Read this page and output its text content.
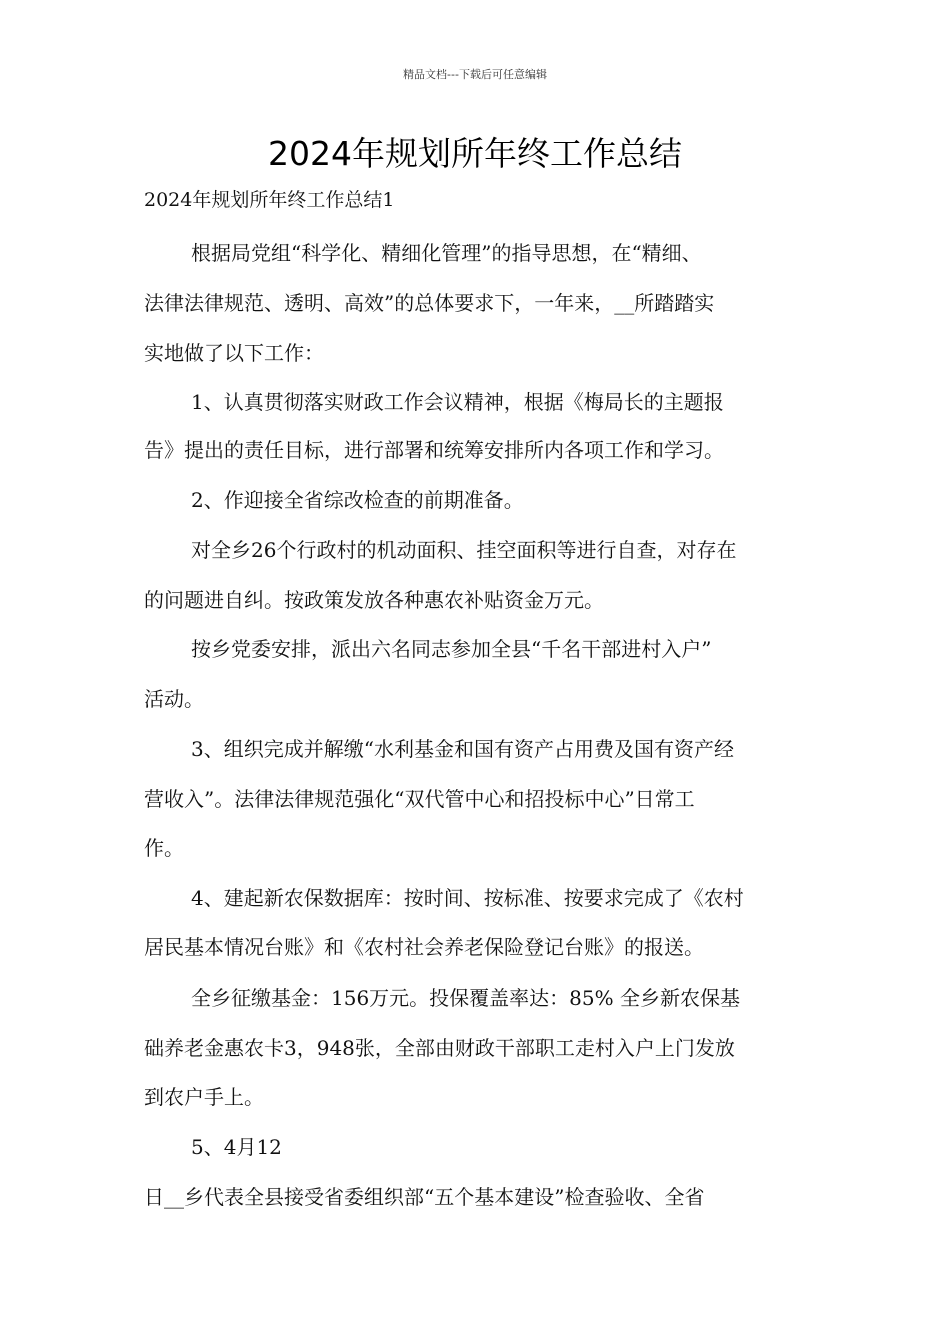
精品文档---下载后可任意编辑
2024年规划所年终工作总结
2024年规划所年终工作总结1
根据局党组“科学化、精细化管理”的指导思想，在“精细、
法律法律规范、透明、高效”的总体要求下，一年来，__所踏踏实
实地做了以下工作：
1、认真贯彻落实财政工作会议精神，根据《梅局长的主题报
告》提出的责任目标，进行部署和统筹安排所内各项工作和学习。
2、作迎接全省综改检查的前期准备。
对全乡26个行政村的机动面积、挂空面积等进行自查，对存在
的问题进自纠。按政策发放各种惠农补贴资金万元。
按乡党委安排，派出六名同志参加全县“千名干部进村入户”
活动。
3、组织完成并解缴“水利基金和国有资产占用费及国有资产经
营收入”。法律法律规范强化“双代管中心和招投标中心”日常工
作。
4、建起新农保数据库：按时间、按标准、按要求完成了《农村
居民基本情况台账》和《农村社会养老保险登记台账》的报送。
全乡征缴基金：156万元。投保覆盖率达：85% 全乡新农保基
础养老金惠农卡3，948张，全部由财政干部职工走村入户上门发放
到农户手上。
5、4月12
日__乡代表全县接受省委组织部“五个基本建设”检查验收、全省
